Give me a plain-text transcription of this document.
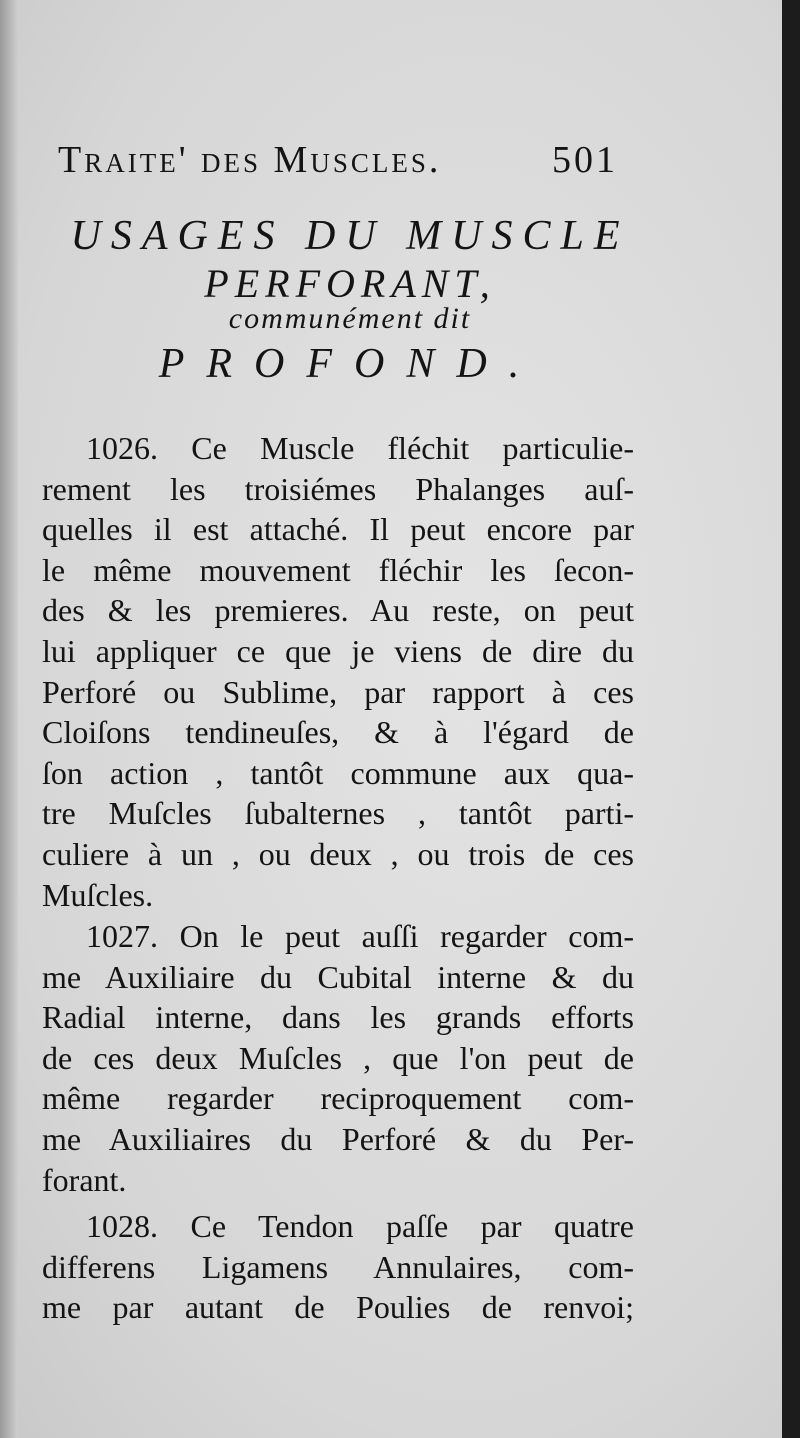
Traite' des Muscles.	501
USAGES DU MUSCLE
PERFORANT,
communément dit
PROFOND.
1026. Ce Muscle fléchit particulie-
rement les troisiémes Phalanges auſ-
quelles il est attaché. Il peut encore par
le même mouvement fléchir les ſecon-
des & les premieres. Au reste, on peut
lui appliquer ce que je viens de dire du
Perforé ou Sublime, par rapport à ces
Cloiſons tendineuſes, & à l'égard de
ſon action , tantôt commune aux qua-
tre Muſcles ſubalternes , tantôt parti-
culiere à un , ou deux , ou trois de ces
Muſcles.
1027. On le peut auſſi regarder com-
me Auxiliaire du Cubital interne & du
Radial interne, dans les grands efforts
de ces deux Muſcles , que l'on peut de
même regarder reciproquement com-
me Auxiliaires du Perforé & du Per-
forant.
1028. Ce Tendon paſſe par quatre
differens Ligamens Annulaires, com-
me par autant de Poulies de renvoi;
